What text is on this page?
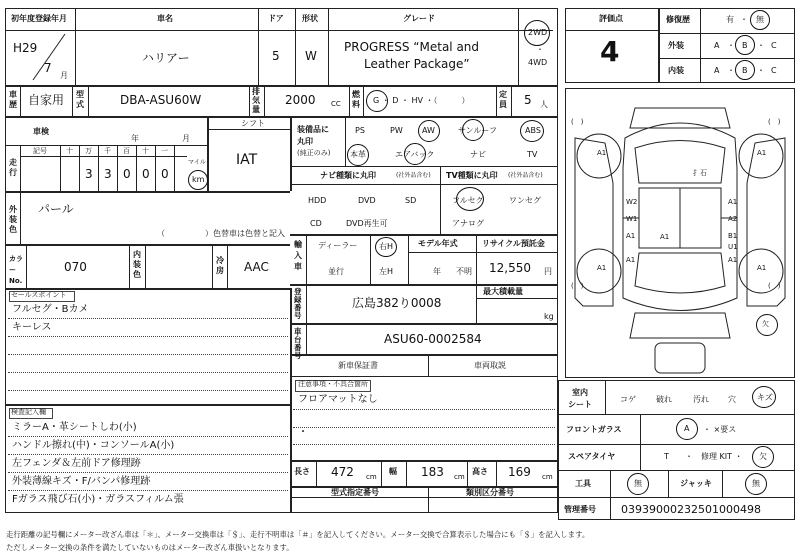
初年度登録年月
H29
7
月
車名
ハリアー
ドア
5
形状
W
グレード
PROGRESS “Metal and
Leather Package”
2WD
・
4WD
車歴 自家用 型式	DBA-ASU60W
排気量
2000 CC
燃料 G ・ D ・ HV ・（　　　）
定員 5 人
車検
年	月
シフト
IAT
走行
記号	十 万 千 百 十 一
3 3 0 0 0
マイル
km
外装色
パール
（　　　　　）色替車は色替と記入
カラーNo.
070
内装色
冷房 AAC
装備品に
丸印
(純正のみ)
PS	PW AW	サンルーフ	ABS
本革	エアバック	ナビ	TV
ナビ種類に丸印	(社外品含む) TV種類に丸印 (社外品含む)
HDD	DVD	SD
CD	DVD再生可
フルセグ	ワンセグ
アナログ
輸入車
ディーラー
並行
右H
左H
モデル年式
年 不明
リサイクル預託金
12,550 円
登録番号
広島382り0008
最大積載量
kg
車台番号
ASU60-0002584
新車保証書	車両取説
注意事項・不具合箇所
フロアマットなし
・
長さ 472 cm
幅 183 cm
高さ 169 cm
型式指定番号	類別区分番号
セールスポイント
フルセグ・Bカメ
キーレス
検査記入欄
ミラーA・革シートしわ(小)
ハンドル擦れ(中)・コンソールA(小)
左フェンダ＆左前ドア修理跡
外装薄線キズ・F/バンパ修理跡
Fガラス飛び石(小)・ガラスフィルム張
評価点
4
修復歴	有 ・ 無
外装	A ・ B ・ C
内装	A ・ B ・ C
(　)	(　)
(　)	(　)
A1	A1
A1	A1
W2
W1
A1
A1
A2
B1
A1
U1
A1
A1
扌石
欠
室内
シート
コゲ	破れ	汚れ 穴	キズ
フロントガラス	A ・ ×要ス
スペアタイヤ	T ・　修理 KIT ・ 欠
工具	無	ジャッキ	無
管理番号 03939000232501000498
走行距離の記号欄にメーター改ざん車は「＊」、メーター交換車は「＄」、走行不明車は「＃」を記入してください。メーター交換で合算表示した場合にも「＄」を記入します。
ただしメーター交換の条件を満たしていないものはメーター改ざん車扱いとなります。
